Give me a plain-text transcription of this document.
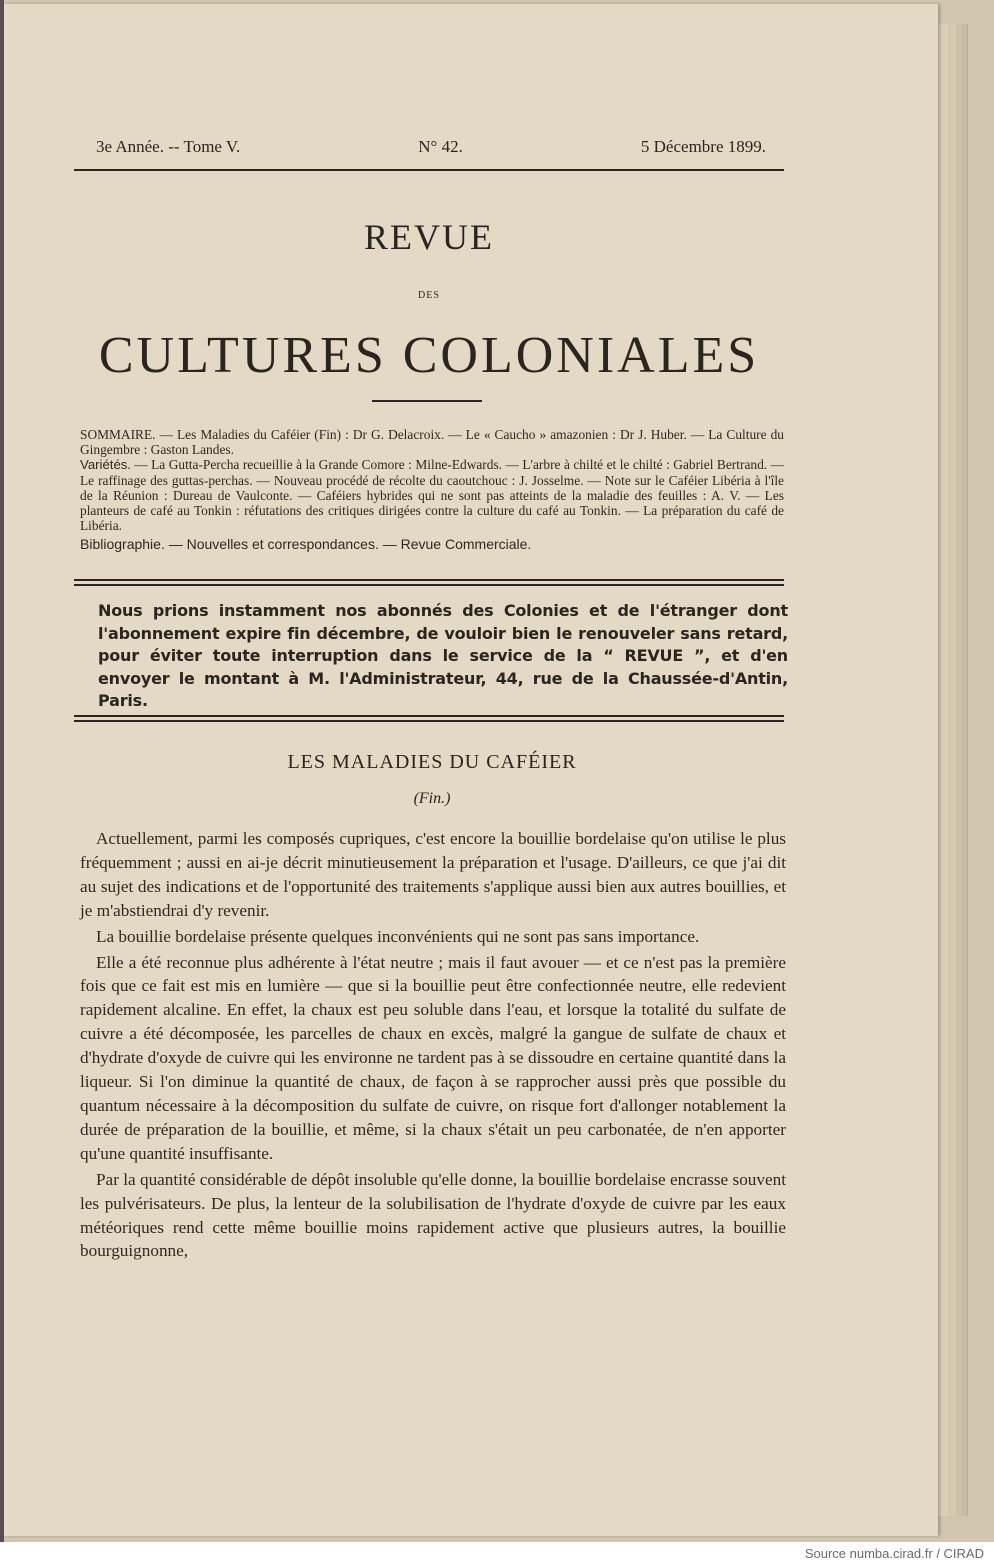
3e Année. -- Tome V.	N° 42.	5 Décembre 1899.
REVUE
DES
CULTURES COLONIALES

SOMMAIRE. — Les Maladies du Caféier (Fin) : Dr G. Delacroix. — Le « Caucho » amazonien : Dr J. Huber. — La Culture du Gingembre : Gaston Landes.

Variétés. — La Gutta-Percha recueillie à la Grande Comore : Milne-Edwards. — L'arbre à chilté et le chilté : Gabriel Bertrand. — Le raffinage des guttas-perchas. — Nouveau procédé de récolte du caoutchouc : J. Josselme. — Note sur le Caféier Libéria à l'île de la Réunion : Dureau de Vaulconte. — Caféiers hybrides qui ne sont pas atteints de la maladie des feuilles : A. V. — Les planteurs de café au Tonkin : réfutations des critiques dirigées contre la culture du café au Tonkin. — La préparation du café de Libéria.

Bibliographie. — Nouvelles et correspondances. — Revue Commerciale.

Nous prions instamment nos abonnés des Colonies et de l'étranger dont l'abonnement expire fin décembre, de vouloir bien le renouveler sans retard, pour éviter toute interruption dans le service de la “ REVUE ”, et d'en envoyer le montant à M. l'Administrateur, 44, rue de la Chaussée-d'Antin, Paris.
LES MALADIES DU CAFÉIER
(Fin.)

Actuellement, parmi les composés cupriques, c'est encore la bouillie bordelaise qu'on utilise le plus fréquemment ; aussi en ai-je décrit minutieusement la préparation et l'usage. D'ailleurs, ce que j'ai dit au sujet des indications et de l'opportunité des traitements s'applique aussi bien aux autres bouillies, et je m'abstiendrai d'y revenir.

La bouillie bordelaise présente quelques inconvénients qui ne sont pas sans importance.

Elle a été reconnue plus adhérente à l'état neutre ; mais il faut avouer — et ce n'est pas la première fois que ce fait est mis en lumière — que si la bouillie peut être confectionnée neutre, elle redevient rapidement alcaline. En effet, la chaux est peu soluble dans l'eau, et lorsque la totalité du sulfate de cuivre a été décomposée, les parcelles de chaux en excès, malgré la gangue de sulfate de chaux et d'hydrate d'oxyde de cuivre qui les environne ne tardent pas à se dissoudre en certaine quantité dans la liqueur. Si l'on diminue la quantité de chaux, de façon à se rapprocher aussi près que possible du quantum nécessaire à la décomposition du sulfate de cuivre, on risque fort d'allonger notablement la durée de préparation de la bouillie, et même, si la chaux s'était un peu carbonatée, de n'en apporter qu'une quantité insuffisante.

Par la quantité considérable de dépôt insoluble qu'elle donne, la bouillie bordelaise encrasse souvent les pulvérisateurs. De plus, la lenteur de la solubilisation de l'hydrate d'oxyde de cuivre par les eaux météoriques rend cette même bouillie moins rapidement active que plusieurs autres, la bouillie bourguignonne,

Source numba.cirad.fr / CIRAD
